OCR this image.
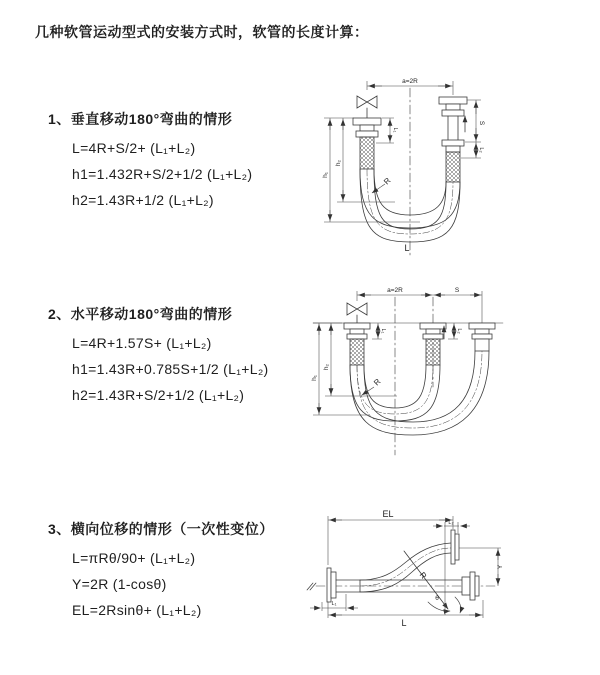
几种软管运动型式的安装方式时，软管的长度计算：
1、垂直移动180°弯曲的情形
L=4R+S/2+ (L₁+L₂)
h1=1.432R+S/2+1/2 (L₁+L₂)
h2=1.43R+1/2 (L₁+L₂)
2、水平移动180°弯曲的情形
L=4R+1.57S+ (L₁+L₂)
h1=1.43R+0.785S+1/2 (L₁+L₂)
h2=1.43R+S/2+1/2 (L₁+L₂)
3、横向位移的情形（一次性变位）
L=πRθ/90+ (L₁+L₂)
Y=2R (1-cosθ)
EL=2Rsinθ+ (L₁+L₂)
a=2R
S
L₂
L₁
h₁
h₂
R
L
a=2R	S
L₁	L₂
h₁
h₂
R
EL
L₂
Y
L
L₁
R
θ
